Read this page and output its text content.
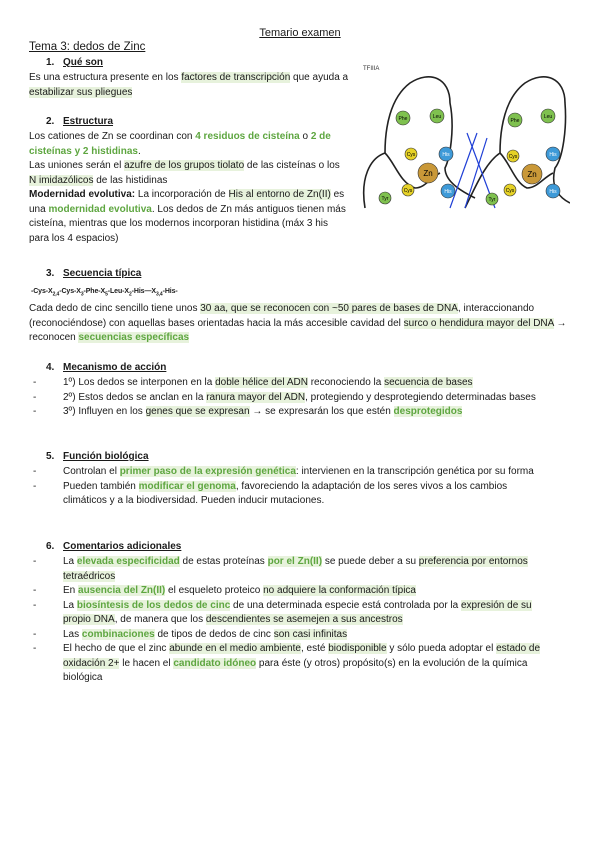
Temario examen
Tema 3: dedos de Zinc
1. Qué son
Es una estructura presente en los factores de transcripción que ayuda a estabilizar sus pliegues
2. Estructura
Los cationes de Zn se coordinan con 4 residuos de cisteína o 2 de cisteínas y 2 histidinas.
Las uniones serán el azufre de los grupos tiolato de las cisteínas o los N imidazólicos de las histidinas
Modernidad evolutiva: La incorporación de His al entorno de Zn(II) es una modernidad evolutiva. Los dedos de Zn más antiguos tienen más cisteína, mientras que los modernos incorporan histidina (máx 3 his para los 4 espacios)
TFIIIA
Phe	Leu
Cys	His
Zn
Cys	His
Tyr
Phe
Leu
Cys	His
Zn
Cys	His
Tyr
3. Secuencia típica
$-Cys-X_{2,4}-Cys-X_3-Phe-X_5-Leu-X_2-His—X_{3,4}-His-$
Cada dedo de cinc sencillo tiene unos 30 aa, que se reconocen con ~50 pares de bases de DNA, interaccionando (reconociéndose) con aquellas bases orientadas hacia la más accesible cavidad del surco o hendidura mayor del DNA → reconocen secuencias específicas
4. Mecanismo de acción
- 1º) Los dedos se interponen en la doble hélice del ADN reconociendo la secuencia de bases
- 2º) Estos dedos se anclan en la ranura mayor del ADN, protegiendo y desprotegiendo determinadas bases
- 3º) Influyen en los genes que se expresan → se expresarán los que estén desprotegidos
5. Función biológica
- Controlan el primer paso de la expresión genética: intervienen en la transcripción genética por su forma
- Pueden también modificar el genoma, favoreciendo la adaptación de los seres vivos a los cambios climáticos y a la biodiversidad. Pueden inducir mutaciones.
6. Comentarios adicionales
- La elevada especificidad de estas proteínas por el Zn(II) se puede deber a su preferencia por entornos tetraédricos
- En ausencia del Zn(II) el esqueleto proteico no adquiere la conformación típica
- La biosíntesis de los dedos de cinc de una determinada especie está controlada por la expresión de su propio DNA, de manera que los descendientes se asemejen a sus ancestros
- Las combinaciones de tipos de dedos de cinc son casi infinitas
- El hecho de que el zinc abunde en el medio ambiente, esté biodisponible y sólo pueda adoptar el estado de oxidación 2+ le hacen el candidato idóneo para éste (y otros) propósito(s) en la evolución de la química biológica
